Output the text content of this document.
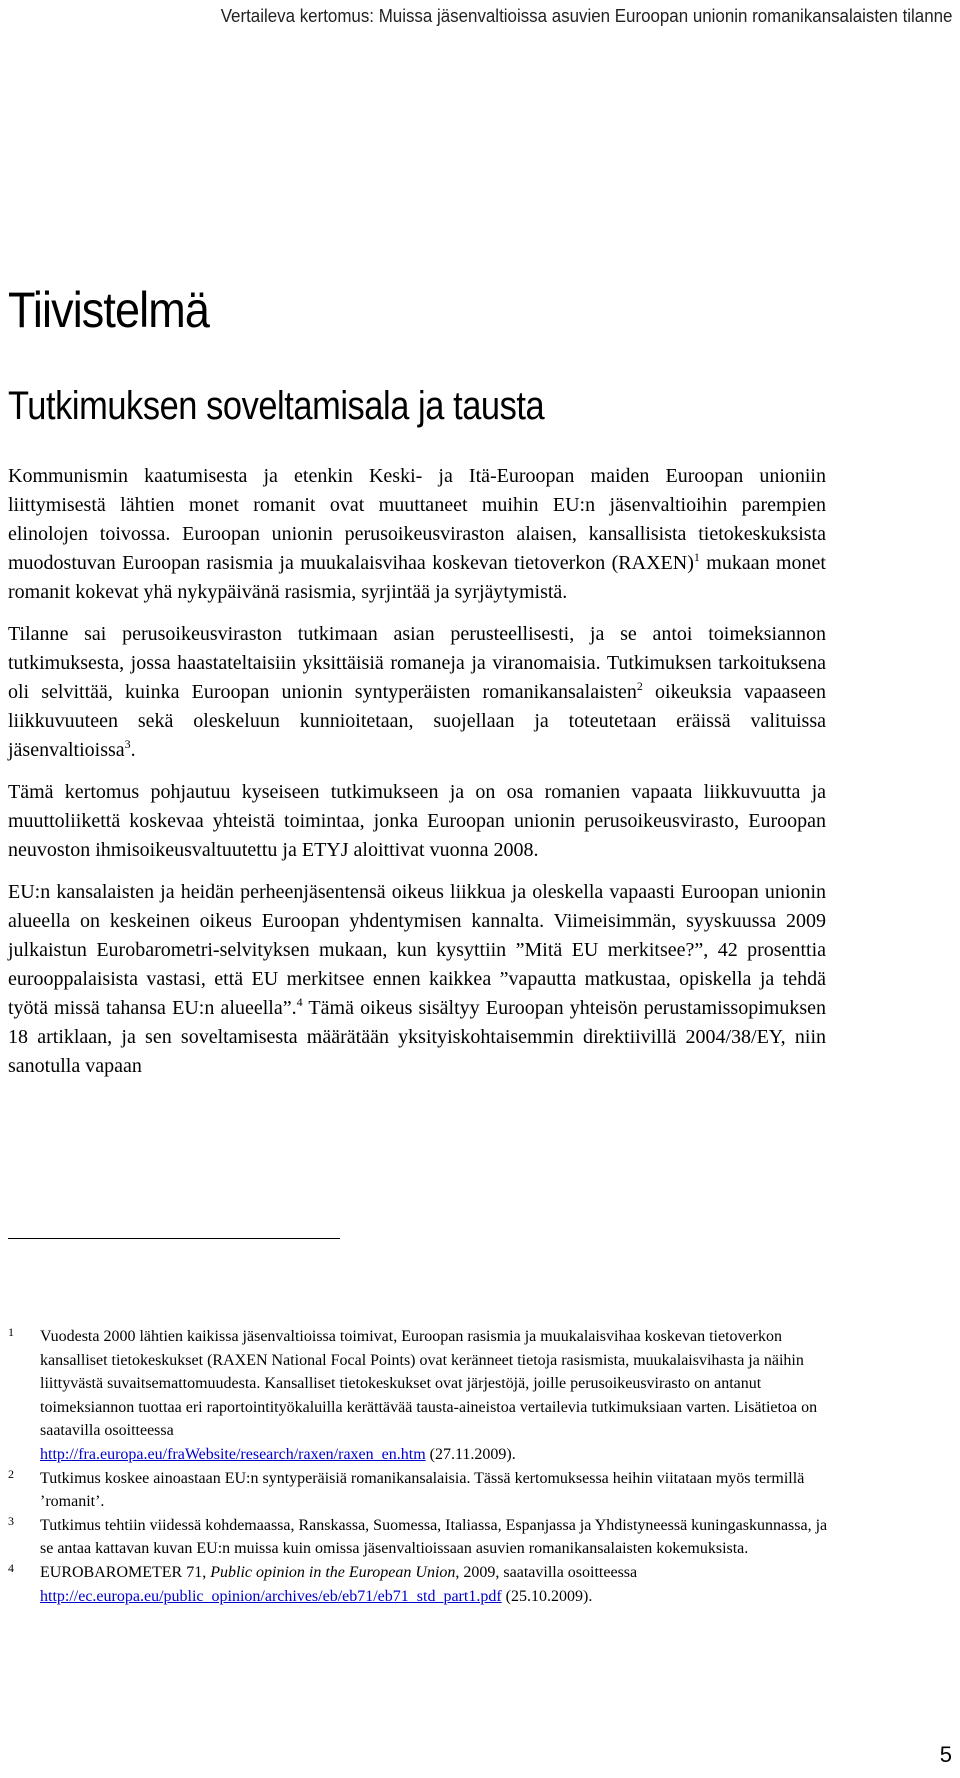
Vertaileva kertomus: Muissa jäsenvaltioissa asuvien Euroopan unionin romanikansalaisten tilanne
Tiivistelmä
Tutkimuksen soveltamisala ja tausta

Kommunismin kaatumisesta ja etenkin Keski- ja Itä-Euroopan maiden Euroopan unioniin liittymisestä lähtien monet romanit ovat muuttaneet muihin EU:n jäsenvaltioihin parempien elinolojen toivossa. Euroopan unionin perusoikeusviraston alaisen, kansallisista tietokeskuksista muodostuvan Euroopan rasismia ja muukalaisvihaa koskevan tietoverkon (RAXEN)$^1$ mukaan monet romanit kokevat yhä nykypäivänä rasismia, syrjintää ja syrjäytymistä.

Tilanne sai perusoikeusviraston tutkimaan asian perusteellisesti, ja se antoi toimeksiannon tutkimuksesta, jossa haastateltaisiin yksittäisiä romaneja ja viranomaisia. Tutkimuksen tarkoituksena oli selvittää, kuinka Euroopan unionin syntyperäisten romanikansalaisten$^2$ oikeuksia vapaaseen liikkuvuuteen sekä oleskeluun kunnioitetaan, suojellaan ja toteutetaan eräissä valituissa jäsenvaltioissa$^3$.

Tämä kertomus pohjautuu kyseiseen tutkimukseen ja on osa romanien vapaata liikkuvuutta ja muuttoliikettä koskevaa yhteistä toimintaa, jonka Euroopan unionin perusoikeusvirasto, Euroopan neuvoston ihmisoikeusvaltuutettu ja ETYJ aloittivat vuonna 2008.

EU:n kansalaisten ja heidän perheenjäsentensä oikeus liikkua ja oleskella vapaasti Euroopan unionin alueella on keskeinen oikeus Euroopan yhdentymisen kannalta. Viimeisimmän, syyskuussa 2009 julkaistun Eurobarometri-selvityksen mukaan, kun kysyttiin ”Mitä EU merkitsee?”, 42 prosenttia eurooppalaisista vastasi, että EU merkitsee ennen kaikkea ”vapautta matkustaa, opiskella ja tehdä työtä missä tahansa EU:n alueella”.$^4$ Tämä oikeus sisältyy Euroopan yhteisön perustamissopimuksen 18 artiklaan, ja sen soveltamisesta määrätään yksityiskohtaisemmin direktiivillä 2004/38/EY, niin sanotulla vapaan

1	Vuodesta 2000 lähtien kaikissa jäsenvaltioissa toimivat, Euroopan rasismia ja muukalaisvihaa koskevan tietoverkon kansalliset tietokeskukset (RAXEN National Focal Points) ovat keränneet tietoja rasismista, muukalaisvihasta ja näihin liittyvästä suvaitsemattomuudesta. Kansalliset tietokeskukset ovat järjestöjä, joille perusoikeusvirasto on antanut toimeksiannon tuottaa eri raportointityökaluilla kerättävää tausta-aineistoa vertailevia tutkimuksiaan varten. Lisätietoa on saatavilla osoitteessa
http://fra.europa.eu/fraWebsite/research/raxen/raxen_en.htm (27.11.2009).
2	Tutkimus koskee ainoastaan EU:n syntyperäisiä romanikansalaisia. Tässä kertomuksessa heihin viitataan myös termillä ’romanit’.
3	Tutkimus tehtiin viidessä kohdemaassa, Ranskassa, Suomessa, Italiassa, Espanjassa ja Yhdistyneessä kuningaskunnassa, ja se antaa kattavan kuvan EU:n muissa kuin omissa jäsenvaltioissaan asuvien romanikansalaisten kokemuksista.
4	EUROBAROMETER 71, Public opinion in the European Union, 2009, saatavilla osoitteessa
http://ec.europa.eu/public_opinion/archives/eb/eb71/eb71_std_part1.pdf (25.10.2009).
5
